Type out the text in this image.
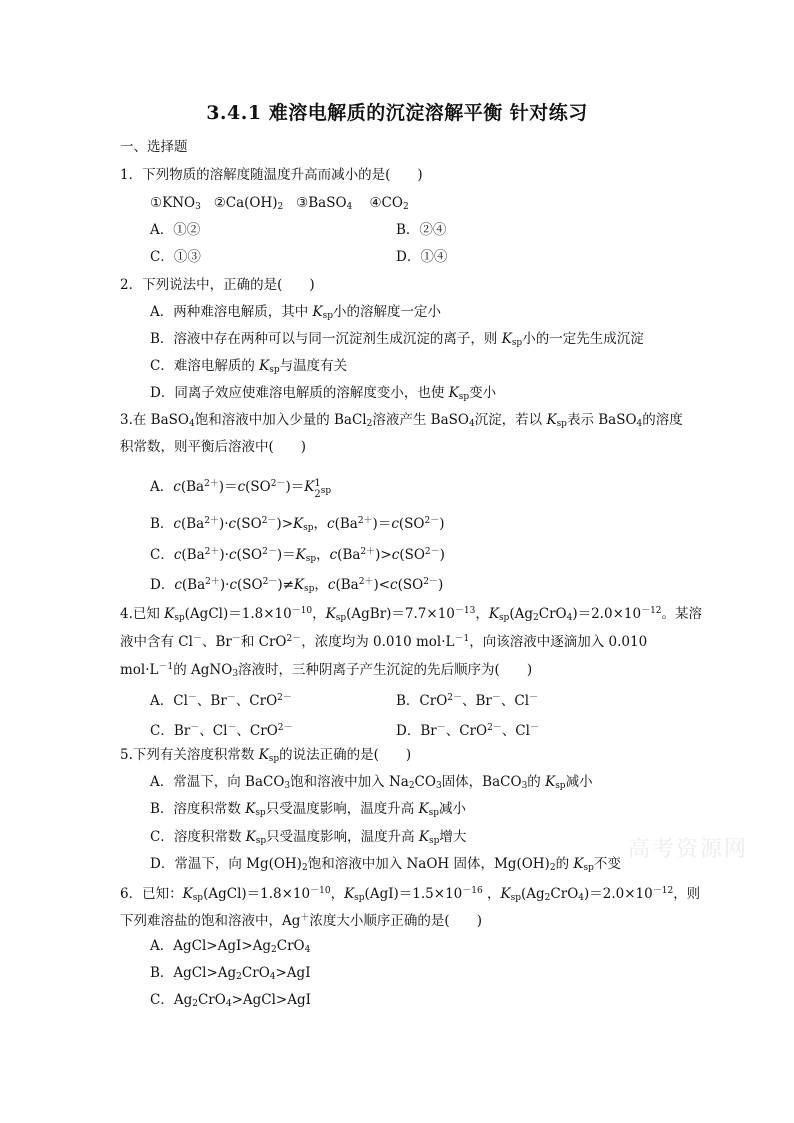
3.4.1 难溶电解质的沉淀溶解平衡 针对练习
高考资源网
一、选择题
1．下列物质的溶解度随温度升高而减小的是(　　)
$①KNO_3$ $②Ca(OH)_2$ ③BaSO$_4$ $④CO_2$
A．①②	B．②④
C．①③	D．①④
2．下列说法中，正确的是(　　)
A．两种难溶电解质，其中 $K_{sp}$小的溶解度一定小
B．溶液中存在两种可以与同一沉淀剂生成沉淀的离子，则 $K_{sp}$小的一定先生成沉淀
C．难溶电解质的 $K_{sp}$与温度有关
D．同离子效应使难溶电解质的溶解度变小，也使 $K_{sp}$变小
3.在 BaSO$_4$饱和溶液中加入少量的 BaCl$_2$溶液产生 BaSO$_4$沉淀，若以 $K_{sp}$表示 BaSO$_4$的溶度
积常数，则平衡后溶液中(　　)
A．$c(Ba^{2+})=c(SO^{2-})=K1$
$2_{sp}$
B．$c(Ba^{2+})\cdot c(SO^{2-})>K_{sp}$，$c(Ba^{2+})=c(SO^{2-})$
C．$c(Ba^{2+})\cdot c(SO^{2-})=K_{sp}$，$c(Ba^{2+})>c(SO^{2-})$
D．$c(Ba^{2+})\cdot c(SO^{2-})\ne K_{sp}$，$c(Ba^{2+})<c(SO^{2-})$
4.已知 $K_{sp}(AgCl)=1.8\times 10^{-10}$，$K_{sp}(AgBr)=7.7\times 10^{-13}$，$K_{sp}(Ag_2CrO_4)=2.0\times 10^{-12}$。某溶
液中含有 Cl－、Br－和 CrO$^{2-}$，浓度均为 0.010 $mol\cdot L^{-1}$，向该溶液中逐滴加入 0.010
$mol\cdot L^{-1}$的 AgNO$_3$溶液时，三种阴离子产生沉淀的先后顺序为(　　)
A．Cl－、Br－、CrO$^{2-}$	B．CrO$^{2-}$、Br－、Cl－
C．Br－、Cl－、CrO$^{2-}$	D．Br－、CrO$^{2-}$、Cl－
5.下列有关溶度积常数 $K_{sp}$的说法正确的是(　　)
A．常温下，向 BaCO$_3$饱和溶液中加入 $Na_2CO_3$固体，BaCO$_3$的 $K_{sp}$减小
B．溶度积常数 $K_{sp}$只受温度影响，温度升高 $K_{sp}$减小
C．溶度积常数 $K_{sp}$只受温度影响，温度升高 $K_{sp}$增大
D．常温下，向 $Mg(OH)_2$饱和溶液中加入 NaOH 固体，$Mg(OH)_2$的 $K_{sp}$不变
6．已知：$K_{sp}(AgCl)=1.8\times 10^{-10}$，$K_{sp}(AgI)=1.5\times 10^{-16}$ ，$K_{sp}(Ag_2CrO_4)=2.0\times 10^{-12}$，则
下列难溶盐的饱和溶液中，Ag＋浓度大小顺序正确的是(　　)
A．$AgCl>AgI>Ag_2CrO_4$
B．$AgCl>Ag_2CrO_4>AgI$
C．$Ag_2CrO_4>AgCl>AgI$
